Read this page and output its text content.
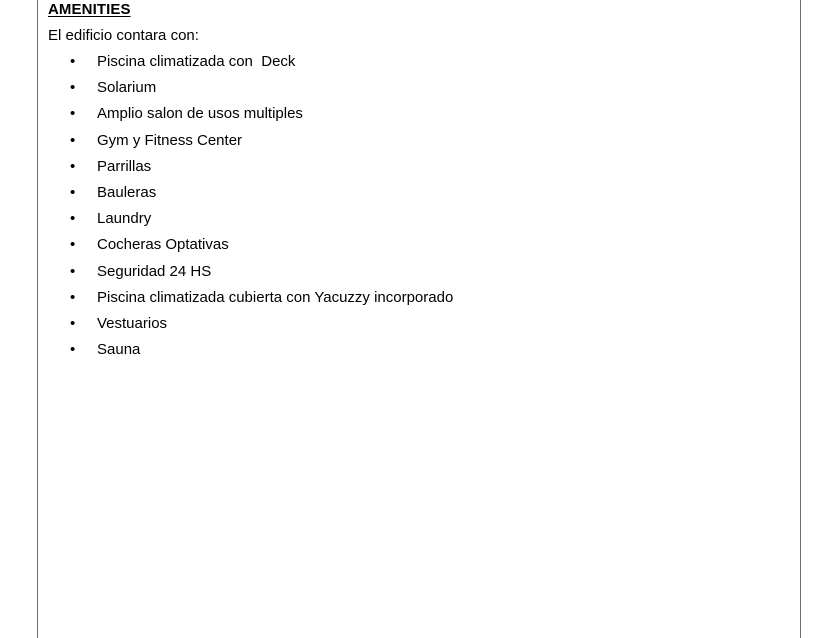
AMENITIES
El edificio contara con:
• Piscina climatizada con  Deck
• Solarium
• Amplio salon de usos multiples
• Gym y Fitness Center
• Parrillas
• Bauleras
• Laundry
• Cocheras Optativas
• Seguridad 24 HS
• Piscina climatizada cubierta con Yacuzzy incorporado
• Vestuarios
• Sauna
